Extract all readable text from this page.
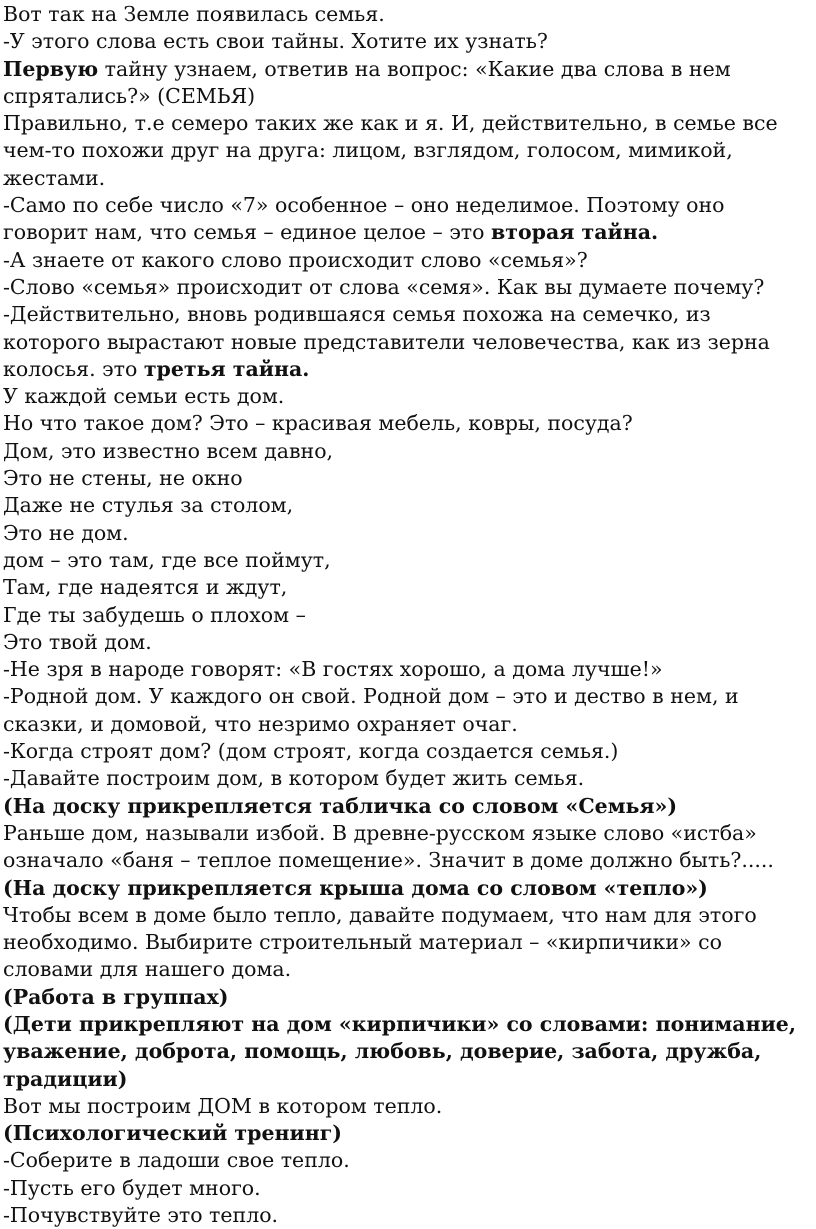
Вот так на Земле появилась семья.

-У этого слова есть свои тайны. Хотите их узнать?

Первую тайну узнаем, ответив на вопрос: «Какие два слова в нем спрятались?» (СЕМЬЯ)

Правильно, т.е семеро таких же как и я. И, действительно, в семье все чем-то похожи друг на друга: лицом, взглядом, голосом, мимикой, жестами.

-Само по себе число «7» особенное – оно неделимое. Поэтому оно говорит нам, что семья – единое целое – это вторая тайна.

-А знаете от какого слово происходит слово «семья»?

-Слово «семья» происходит от слова «семя». Как вы думаете почему?

-Действительно, вновь родившаяся семья похожа на семечко, из которого вырастают новые представители человечества, как из зерна колосья. это третья тайна.

У каждой семьи есть дом.

Но что такое дом? Это – красивая мебель, ковры, посуда?

Дом, это известно всем давно,

Это не стены, не окно

Даже не стулья за столом,

Это не дом.

дом – это там, где все поймут,

Там, где надеятся и ждут,

Где ты забудешь о плохом –

Это твой дом.

-Не зря в народе говорят: «В гостях хорошо, а дома лучше!»

-Родной дом. У каждого он свой. Родной дом – это и дество в нем, и сказки, и домовой, что незримо охраняет очаг.

-Когда строят дом? (дом строят, когда создается семья.)

-Давайте построим дом, в котором будет жить семья.

(На доску прикрепляется табличка со словом «Семья»)

Раньше дом, называли избой. В древне-русском языке слово «истба» означало «баня – теплое помещение». Значит в доме должно быть?.....

(На доску прикрепляется крыша дома со словом «тепло»)

Чтобы всем в доме было тепло, давайте подумаем, что нам для этого необходимо. Выбирите строительный материал – «кирпичики» со словами для нашего дома.

(Работа в группах)

(Дети прикрепляют на дом «кирпичики» со словами: понимание, уважение, доброта, помощь, любовь, доверие, забота, дружба, традиции)

Вот мы построим ДОМ в котором тепло.

(Психологический тренинг)

-Соберите в ладоши свое тепло.

-Пусть его будет много.

-Почувствуйте это тепло.
